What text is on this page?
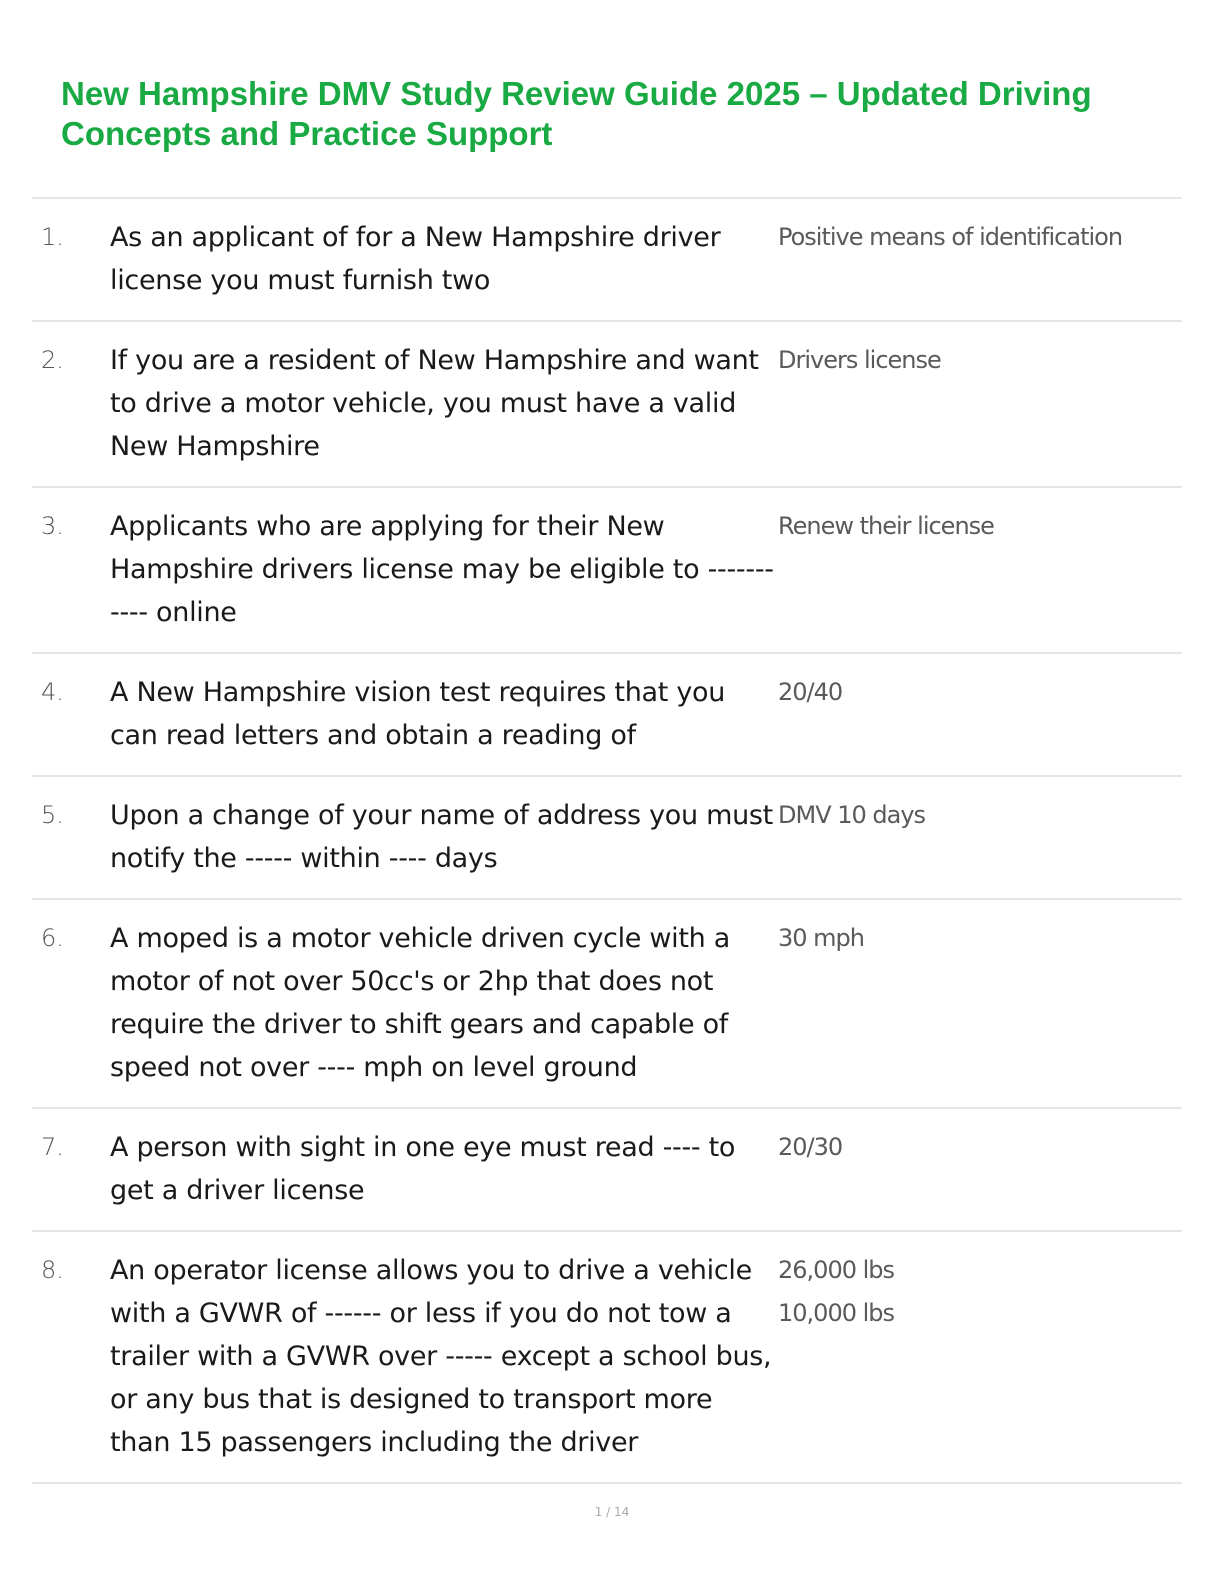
New Hampshire DMV Study Review Guide 2025 – Updated Driving Concepts and Practice Support
1.	As an applicant of for a New Hampshire driver license you must furnish two
Positive means of identification
2.	If you are a resident of New Hampshire and want to drive a motor vehicle, you must have a valid New Hampshire
Drivers license
3.	Applicants who are applying for their New Hampshire drivers license may be eligible to ----------- online
Renew their license
4.	A New Hampshire vision test requires that you can read letters and obtain a reading of
20/40
5.	Upon a change of your name of address you must notify the ----- within ---- days
DMV 10 days
6.	A moped is a motor vehicle driven cycle with a motor of not over 50cc's or 2hp that does not require the driver to shift gears and capable of speed not over ---- mph on level ground
30 mph
7.	A person with sight in one eye must read ---- to get a driver license
20/30
8.	An operator license allows you to drive a vehicle with a GVWR of ------ or less if you do not tow a trailer with a GVWR over ----- except a school bus, or any bus that is designed to transport more than 15 passengers including the driver
26,000 lbs
10,000 lbs
1 / 14
